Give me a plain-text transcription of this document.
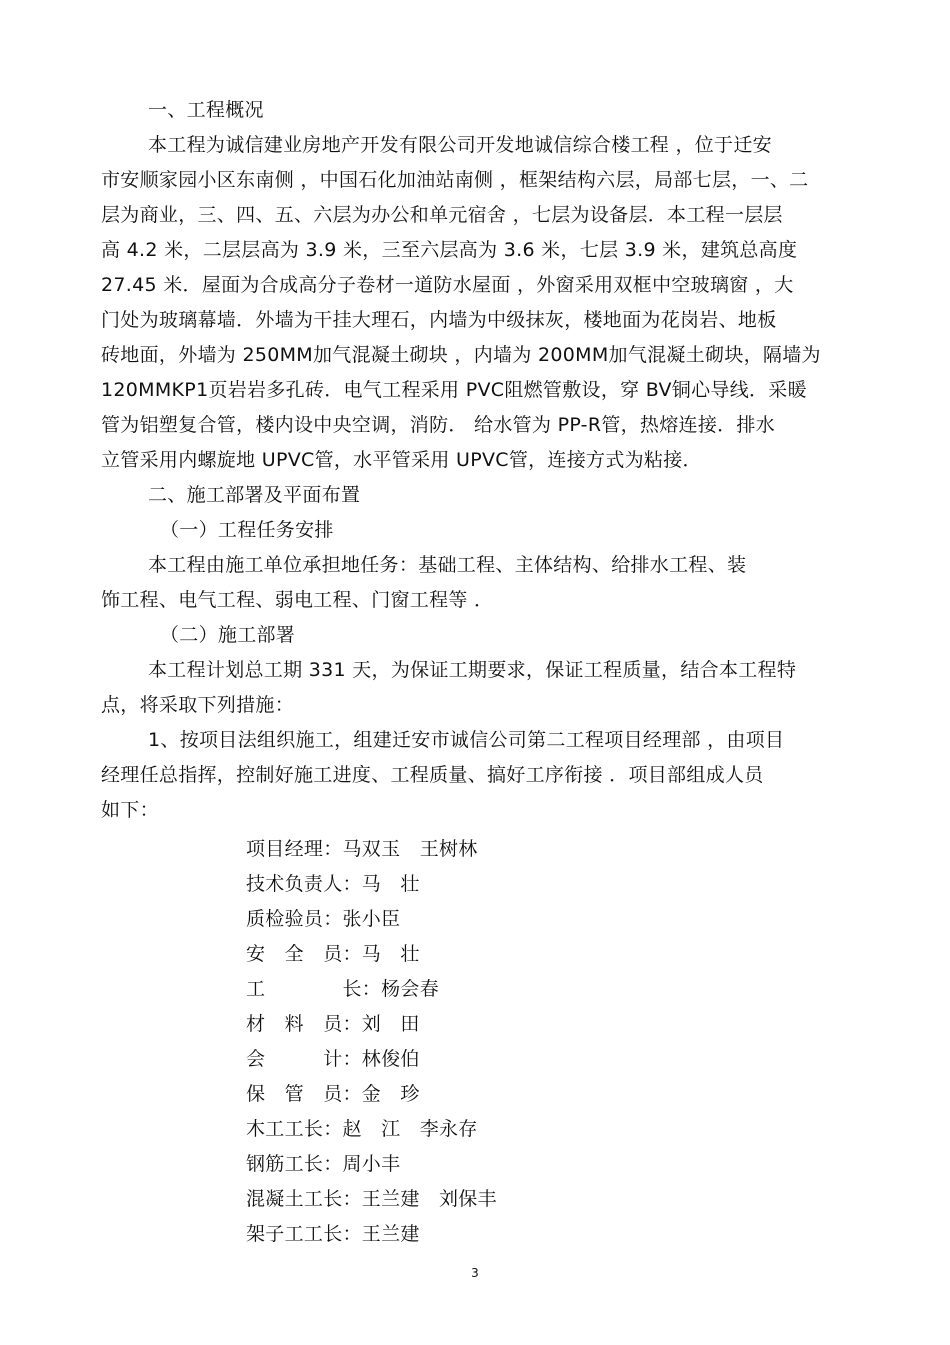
一、工程概况
本工程为诚信建业房地产开发有限公司开发地诚信综合楼工程 ，位于迁安
市安顺家园小区东南侧 ，中国石化加油站南侧 ，框架结构六层，局部七层，一、二
层为商业，三、四、五、六层为办公和单元宿舍 ，七层为设备层．本工程一层层
高 4.2 米，二层层高为 3.9 米，三至六层高为 3.6 米，七层 3.9 米，建筑总高度
27.45 米．屋面为合成高分子卷材一道防水屋面 ，外窗采用双框中空玻璃窗 ，大
门处为玻璃幕墙．外墙为干挂大理石，内墙为中级抹灰，楼地面为花岗岩、地板
砖地面，外墙为 250MM加气混凝土砌块 ，内墙为 200MM加气混凝土砌块，隔墙为
120MMKP1页岩岩多孔砖．电气工程采用 PVC阻燃管敷设，穿 BV铜心导线．采暖
管为铝塑复合管，楼内设中央空调，消防． 给水管为 PP-R管，热熔连接．排水
立管采用内螺旋地 UPVC管，水平管采用 UPVC管，连接方式为粘接．
二、施工部署及平面布置
（一）工程任务安排
本工程由施工单位承担地任务：基础工程、主体结构、给排水工程、装
饰工程、电气工程、弱电工程、门窗工程等 ．
（二）施工部署
本工程计划总工期 331 天，为保证工期要求，保证工程质量，结合本工程特
点，将采取下列措施：
1、按项目法组织施工，组建迁安市诚信公司第二工程项目经理部 ，由项目
经理任总指挥，控制好施工进度、工程质量、搞好工序衔接 ．项目部组成人员
如下：
项目经理：马双玉　王树林
技术负责人：马　壮
质检验员：张小臣
安　全　员：马　壮
工　　　　长：杨会春
材　料　员：刘　田
会　　　计：林俊伯
保　管　员：金　珍
木工工长：赵　江　李永存
钢筋工长：周小丰
混凝土工长：王兰建　刘保丰
架子工工长：王兰建
3
